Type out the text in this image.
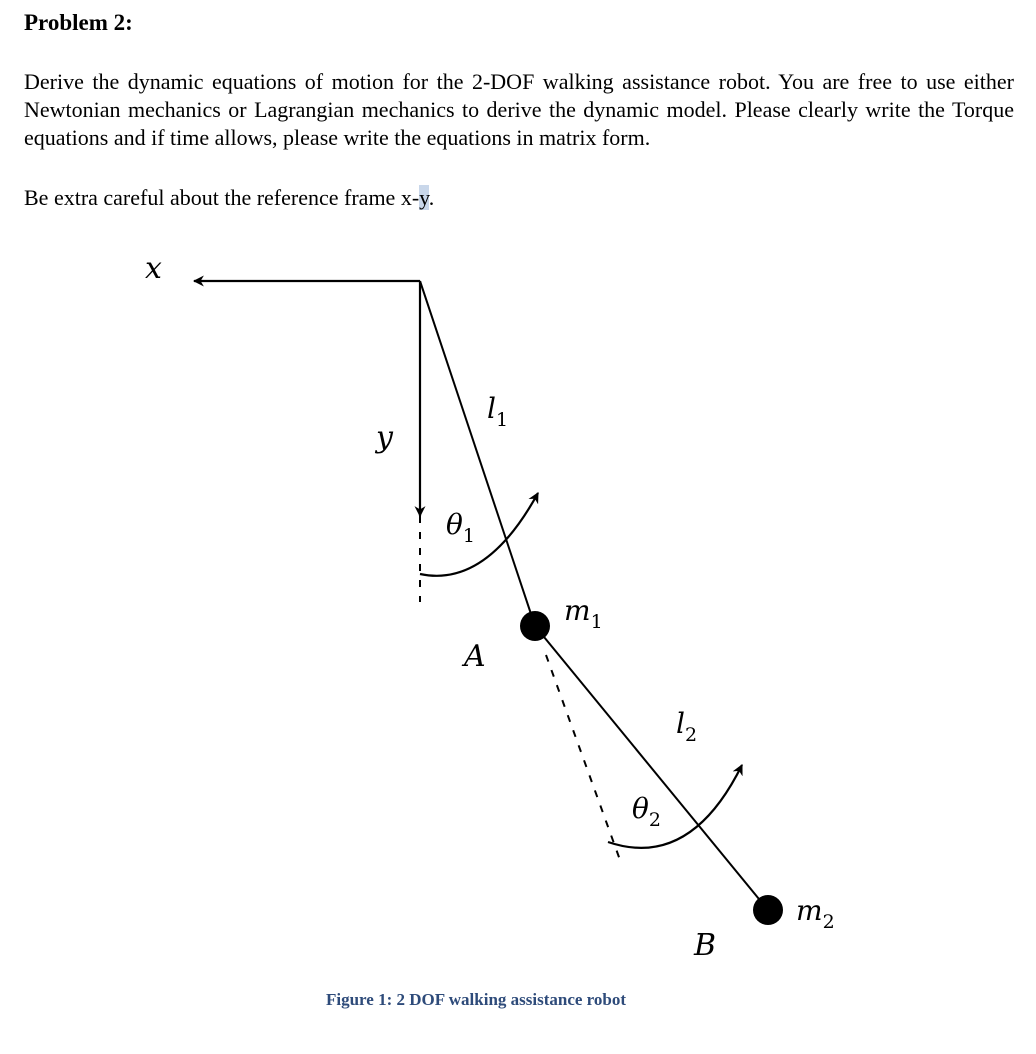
Problem 2:

Derive the dynamic equations of motion for the 2-DOF walking assistance robot. You are free to use either Newtonian mechanics or Lagrangian mechanics to derive the dynamic model. Please clearly write the Torque equations and if time allows, please write the equations in matrix form.

Be extra careful about the reference frame x-y.

x
y
$l_1$
$\theta_1$
$m_1$
A
$l_2$
$\theta_2$
$m_2$
B
Figure 1: 2 DOF walking assistance robot
